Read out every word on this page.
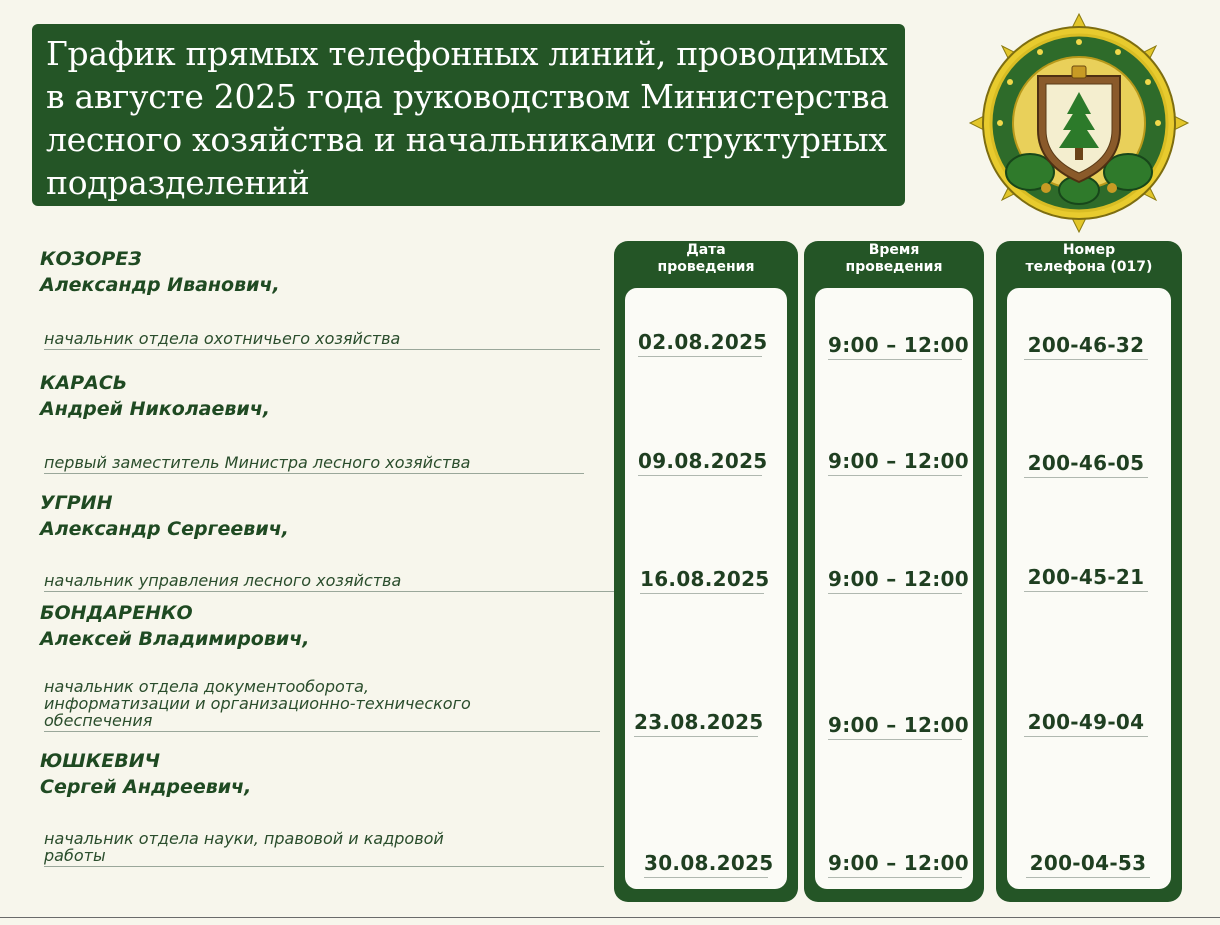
График прямых телефонных линий, проводимых
в августе 2025 года руководством Министерства
лесного хозяйства и начальниками структурных
подразделений
КОЗОРЕЗ
Александр Иванович,
начальник отдела охотничьего хозяйства
КАРАСЬ
Андрей Николаевич,
первый заместитель Министра лесного хозяйства
УГРИН
Александр Сергеевич,
начальник управления лесного хозяйства
БОНДАРЕНКО
Алексей Владимирович,
начальник отдела документооборота,
информатизации и организационно-технического
обеспечения
ЮШКЕВИЧ
Сергей Андреевич,
начальник отдела науки, правовой и кадровой
работы
Дата
проведения
02.08.2025
09.08.2025
16.08.2025
23.08.2025
30.08.2025
Время
проведения
9:00 – 12:00
9:00 – 12:00
9:00 – 12:00
9:00 – 12:00
9:00 – 12:00
Номер
телефона (017)
200-46-32
200-46-05
200-45-21
200-49-04
200-04-53
